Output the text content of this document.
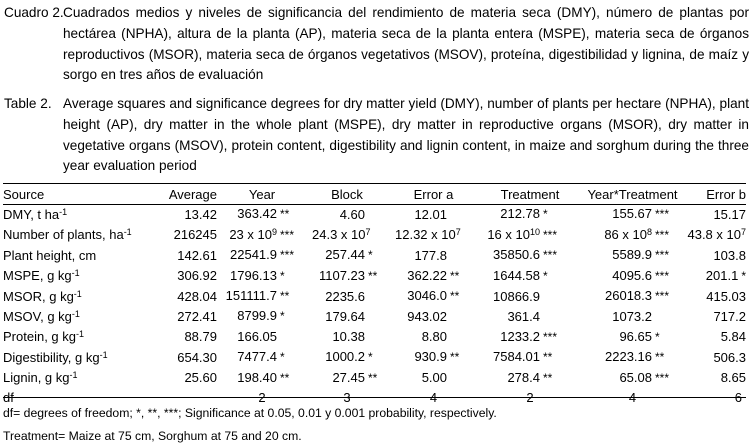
Cuadro 2. Cuadrados medios y niveles de significancia del rendimiento de materia seca (DMY), número de plantas por hectárea (NPHA), altura de la planta (AP), materia seca de la planta entera (MSPE), materia seca de órganos reproductivos (MSOR), materia seca de órganos vegetativos (MSOV), proteína, digestibilidad y lignina, de maíz y sorgo en tres años de evaluación
Table 2. Average squares and significance degrees for dry matter yield (DMY), number of plants per hectare (NPHA), plant height (AP), dry matter in the whole plant (MSPE), dry matter in reproductive organs (MSOR), dry matter in vegetative organs (MSOV), protein content, digestibility and lignin content, in maize and sorghum during the three year evaluation period
Source	Average	Year	Block	Error a	Treatment	Year*Treatment	Error b
DMY, t $ha^{-1}$	13.42	363.42 **	4.60	12.01	212.78 *	155.67 ***	15.17
Number of plants, $ha^{-1}$	216245	23 x $10^9$ ***	24.3 x $10^7$	12.32 x $10^7$	16 x $10^{10}$ ***	86 x $10^8$ ***	43.8 x $10^7$
Plant height, cm	142.61	22541.9 ***	257.44 *	177.8	35850.6 ***	5589.9 ***	103.8
MSPE, g $kg^{-1}$	306.92	1796.13 *	1107.23 **	362.22 **	1644.58 *	4095.6 ***	201.1 *
MSOR, g $kg^{-1}$	428.04	151111.7 **	2235.6	3046.0 **	10866.9	26018.3 ***	415.03
MSOV, g $kg^{-1}$	272.41	8799.9 *	179.64	943.02	361.4	1073.2	717.2
Protein, g $kg^{-1}$	88.79	166.05	10.38	8.80	1233.2 ***	96.65 *	5.84
Digestibility, g $kg^{-1}$	654.30	7477.4 *	1000.2 *	930.9 **	7584.01 **	2223.16 **	506.3
Lignin, g $kg^{-1}$	25.60	198.40 **	27.45 **	5.00	278.4 **	65.08 ***	8.65
df		2	3	4	2	4	6
df= degrees of freedom; *, **, ***; Significance at 0.05, 0.01 y 0.001 probability, respectively.
Treatment= Maize at 75 cm, Sorghum at 75 and 20 cm.
